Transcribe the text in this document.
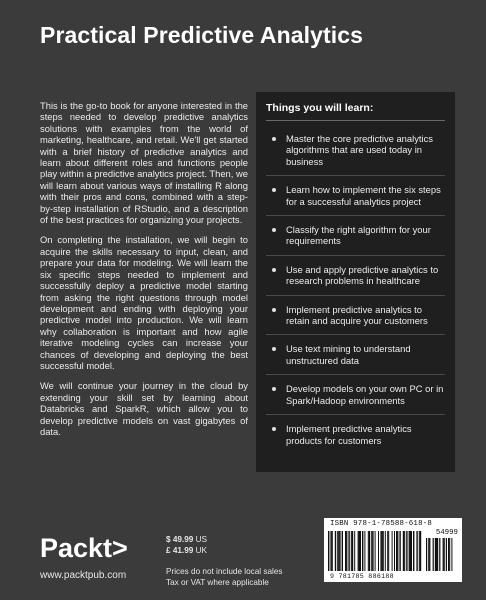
Practical Predictive Analytics

This is the go-to book for anyone interested in the steps needed to develop predictive analytics solutions with examples from the world of marketing, healthcare, and retail. We'll get started with a brief history of predictive analytics and learn about different roles and functions people play within a predictive analytics project. Then, we will learn about various ways of installing R along with their pros and cons, combined with a step-by-step installation of RStudio, and a description of the best practices for organizing your projects.

On completing the installation, we will begin to acquire the skills necessary to input, clean, and prepare your data for modeling. We will learn the six specific steps needed to implement and successfully deploy a predictive model starting from asking the right questions through model development and ending with deploying your predictive model into production. We will learn why collaboration is important and how agile iterative modeling cycles can increase your chances of developing and deploying the best successful model.

We will continue your journey in the cloud by extending your skill set by learning about Databricks and SparkR, which allow you to develop predictive models on vast gigabytes of data.

Things you will learn:
Master the core predictive analytics algorithms that are used today in business
Learn how to implement the six steps for a successful analytics project
Classify the right algorithm for your requirements
Use and apply predictive analytics to research problems in healthcare
Implement predictive analytics to retain and acquire your customers
Use text mining to understand unstructured data
Develop models on your own PC or in Spark/Hadoop environments
Implement predictive analytics products for customers
Packt>
www.packtpub.com
$ 49.99 US
£ 41.99 UK
Prices do not include local sales
Tax or VAT where applicable
ISBN 978-1-78588-618-8
54999
9 781785 886188
